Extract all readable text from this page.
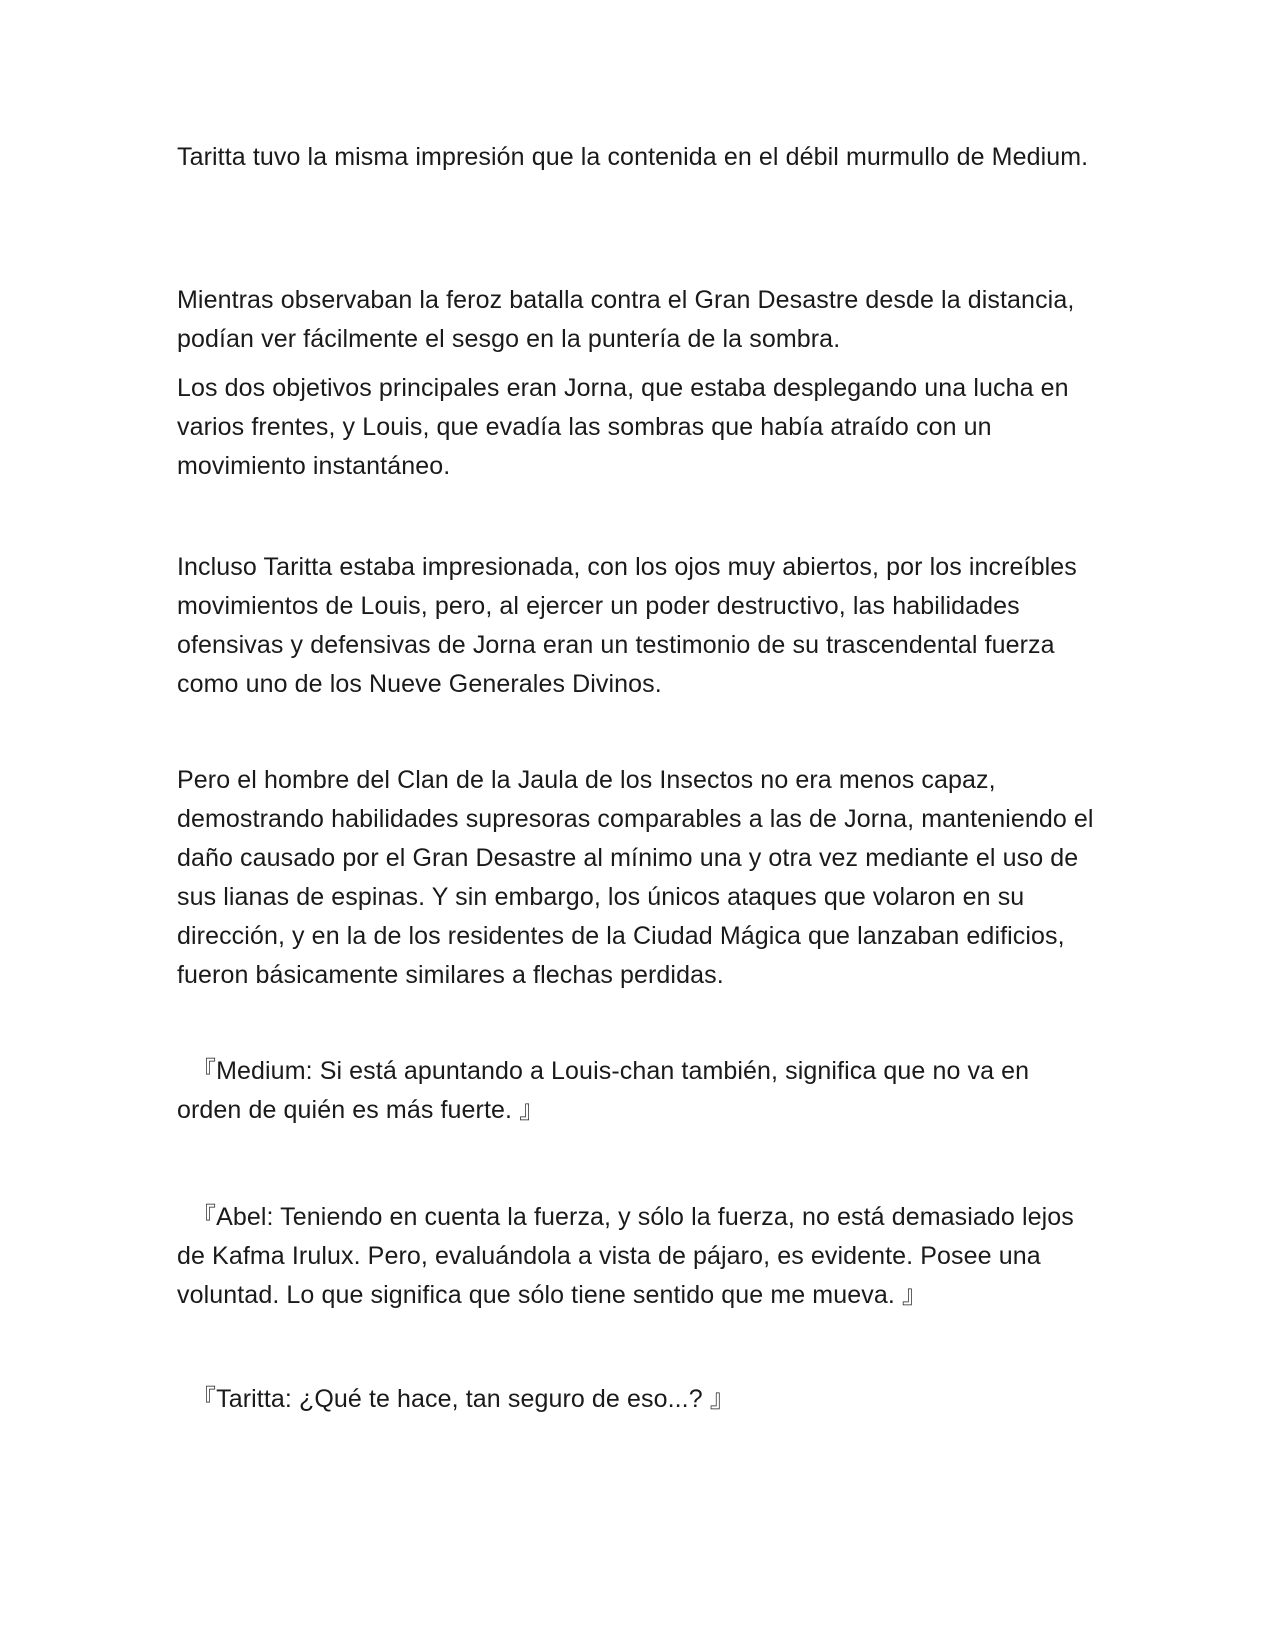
Taritta tuvo la misma impresión que la contenida en el débil murmullo de Medium.

Mientras observaban la feroz batalla contra el Gran Desastre desde la distancia, podían ver fácilmente el sesgo en la puntería de la sombra.

Los dos objetivos principales eran Jorna, que estaba desplegando una lucha en varios frentes, y Louis, que evadía las sombras que había atraído con un movimiento instantáneo.

Incluso Taritta estaba impresionada, con los ojos muy abiertos, por los increíbles movimientos de Louis, pero, al ejercer un poder destructivo, las habilidades ofensivas y defensivas de Jorna eran un testimonio de su trascendental fuerza como uno de los Nueve Generales Divinos.

Pero el hombre del Clan de la Jaula de los Insectos no era menos capaz, demostrando habilidades supresoras comparables a las de Jorna, manteniendo el daño causado por el Gran Desastre al mínimo una y otra vez mediante el uso de sus lianas de espinas. Y sin embargo, los únicos ataques que volaron en su dirección, y en la de los residentes de la Ciudad Mágica que lanzaban edificios, fueron básicamente similares a flechas perdidas.

『Medium: Si está apuntando a Louis-chan también, significa que no va en orden de quién es más fuerte. 』

『Abel: Teniendo en cuenta la fuerza, y sólo la fuerza, no está demasiado lejos de Kafma Irulux. Pero, evaluándola a vista de pájaro, es evidente. Posee una voluntad. Lo que significa que sólo tiene sentido que me mueva. 』

『Taritta: ¿Qué te hace, tan seguro de eso...? 』
